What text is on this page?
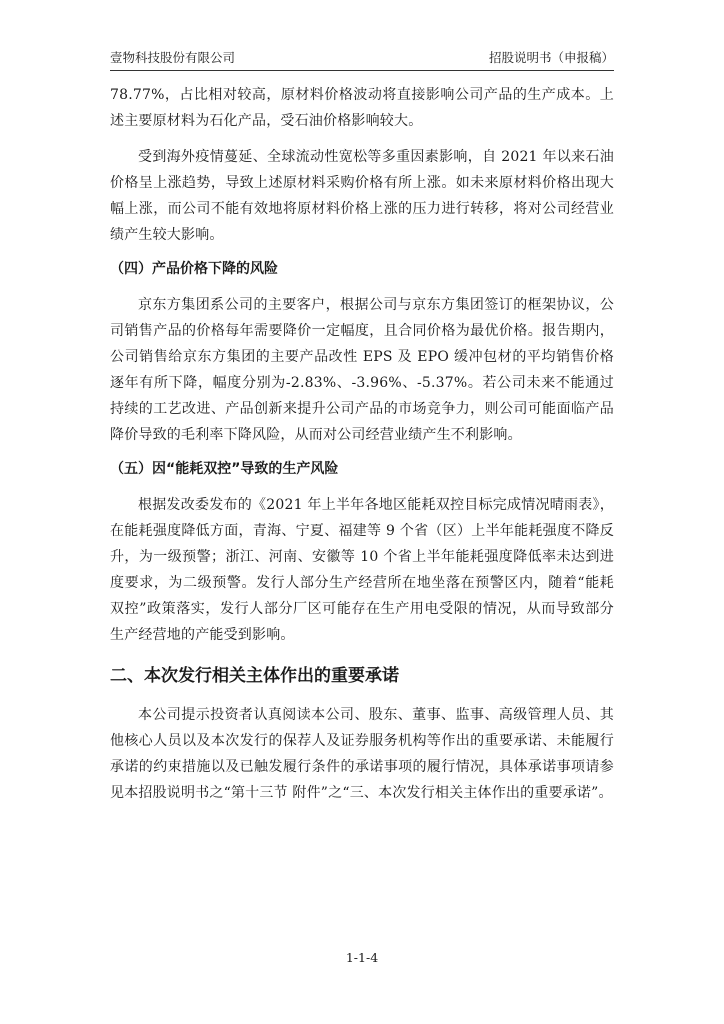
壹物科技股份有限公司	招股说明书（申报稿）

78.77%，占比相对较高，原材料价格波动将直接影响公司产品的生产成本。上述主要原材料为石化产品，受石油价格影响较大。

受到海外疫情蔓延、全球流动性宽松等多重因素影响，自 2021 年以来石油价格呈上涨趋势，导致上述原材料采购价格有所上涨。如未来原材料价格出现大幅上涨，而公司不能有效地将原材料价格上涨的压力进行转移，将对公司经营业绩产生较大影响。

（四）产品价格下降的风险

京东方集团系公司的主要客户，根据公司与京东方集团签订的框架协议，公司销售产品的价格每年需要降价一定幅度，且合同价格为最优价格。报告期内，公司销售给京东方集团的主要产品改性 EPS 及 EPO 缓冲包材的平均销售价格逐年有所下降，幅度分别为-2.83%、-3.96%、-5.37%。若公司未来不能通过持续的工艺改进、产品创新来提升公司产品的市场竞争力，则公司可能面临产品降价导致的毛利率下降风险，从而对公司经营业绩产生不利影响。

（五）因“能耗双控”导致的生产风险

根据发改委发布的《2021 年上半年各地区能耗双控目标完成情况晴雨表》，在能耗强度降低方面，青海、宁夏、福建等 9 个省（区）上半年能耗强度不降反升，为一级预警；浙江、河南、安徽等 10 个省上半年能耗强度降低率未达到进度要求，为二级预警。发行人部分生产经营所在地坐落在预警区内，随着“能耗双控”政策落实，发行人部分厂区可能存在生产用电受限的情况，从而导致部分生产经营地的产能受到影响。

二、本次发行相关主体作出的重要承诺

本公司提示投资者认真阅读本公司、股东、董事、监事、高级管理人员、其他核心人员以及本次发行的保荐人及证券服务机构等作出的重要承诺、未能履行承诺的约束措施以及已触发履行条件的承诺事项的履行情况，具体承诺事项请参见本招股说明书之“第十三节 附件”之“三、本次发行相关主体作出的重要承诺”。

1-1-4
